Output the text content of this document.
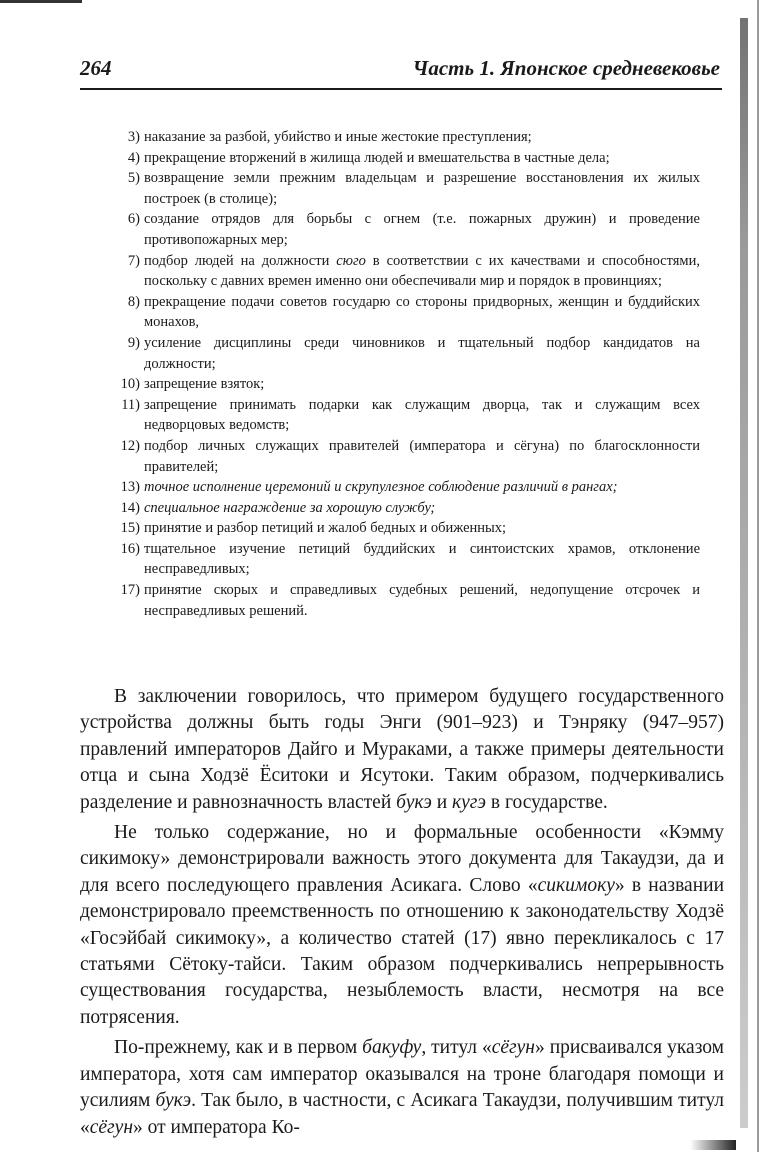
264	Часть 1. Японское средневековье
3) наказание за разбой, убийство и иные жестокие преступления;
4) прекращение вторжений в жилища людей и вмешательства в частные дела;
5) возвращение земли прежним владельцам и разрешение восстановления их жилых построек (в столице);
6) создание отрядов для борьбы с огнем (т.е. пожарных дружин) и проведение противопожарных мер;
7) подбор людей на должности сюго в соответствии с их качествами и способностями, поскольку с давних времен именно они обеспечивали мир и порядок в провинциях;
8) прекращение подачи советов государю со стороны придворных, женщин и буддийских монахов,
9) усиление дисциплины среди чиновников и тщательный подбор кандидатов на должности;
10) запрещение взяток;
11) запрещение принимать подарки как служащим дворца, так и служащим всех недворцовых ведомств;
12) подбор личных служащих правителей (императора и сёгуна) по благосклонности правителей;
13) точное исполнение церемоний и скрупулезное соблюдение различий в рангах;
14) специальное награждение за хорошую службу;
15) принятие и разбор петиций и жалоб бедных и обиженных;
16) тщательное изучение петиций буддийских и синтоистских храмов, отклонение несправедливых;
17) принятие скорых и справедливых судебных решений, недопущение отсрочек и несправедливых решений.

В заключении говорилось, что примером будущего государственного устройства должны быть годы Энги (901–923) и Тэнряку (947–957) правлений императоров Дайго и Мураками, а также примеры деятельности отца и сына Ходзё Ёситоки и Ясутоки. Таким образом, подчеркивались разделение и равнозначность властей букэ и кугэ в государстве.

Не только содержание, но и формальные особенности «Кэмму сикимоку» демонстрировали важность этого документа для Такаудзи, да и для всего последующего правления Асикага. Слово «сикимоку» в названии демонстрировало преемственность по отношению к законодательству Ходзё «Госэйбай сикимоку», а количество статей (17) явно перекликалось с 17 статьями Сётоку-тайси. Таким образом подчеркивались непрерывность существования государства, незыблемость власти, несмотря на все потрясения.

По-прежнему, как и в первом бакуфу, титул «сёгун» присваивался указом императора, хотя сам император оказывался на троне благодаря помощи и усилиям букэ. Так было, в частности, с Асикага Такаудзи, получившим титул «сёгун» от императора Ко-
